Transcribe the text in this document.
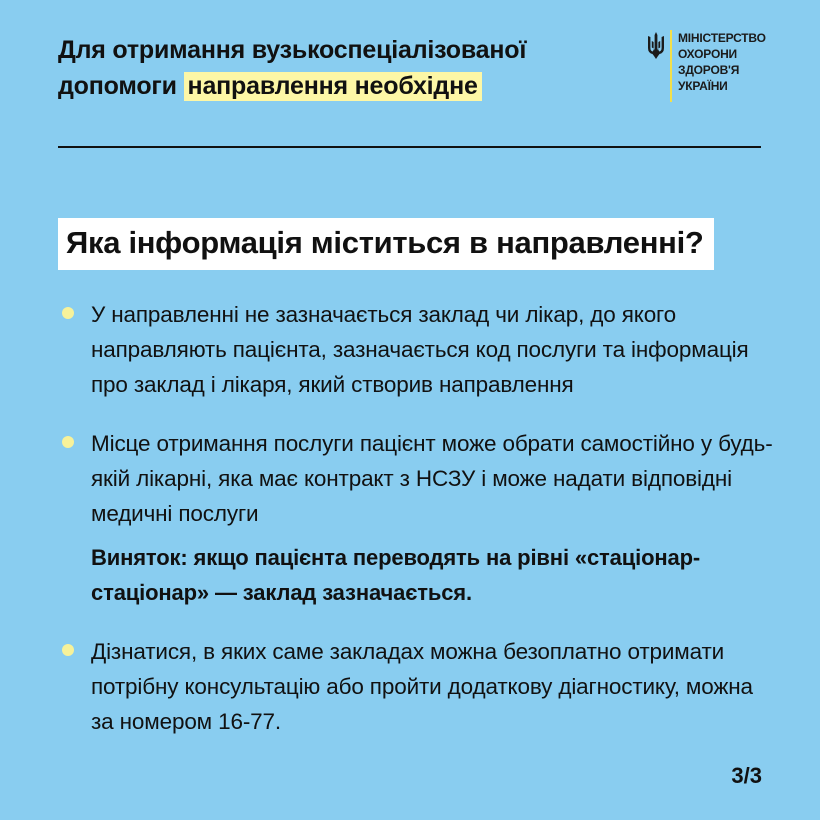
Для отримання вузькоспеціалізованої
допомоги направлення необхідне
МІНІСТЕРСТВО
ОХОРОНИ
ЗДОРОВ'Я
УКРАЇНИ
Яка інформація міститься в направленні?
У направленні не зазначається заклад чи лікар, до якого направляють пацієнта, зазначається код послуги та інформація про заклад і лікаря, який створив направлення
Місце отримання послуги пацієнт може обрати самостійно у будь-якій лікарні, яка має контракт з НСЗУ і може надати відповідні медичні послуги
Виняток: якщо пацієнта переводять на рівні «стаціонар-стаціонар» — заклад зазначається.
Дізнатися, в яких саме закладах можна безоплатно отримати потрібну консультацію або пройти додаткову діагностику, можна за номером 16-77.
3/3
